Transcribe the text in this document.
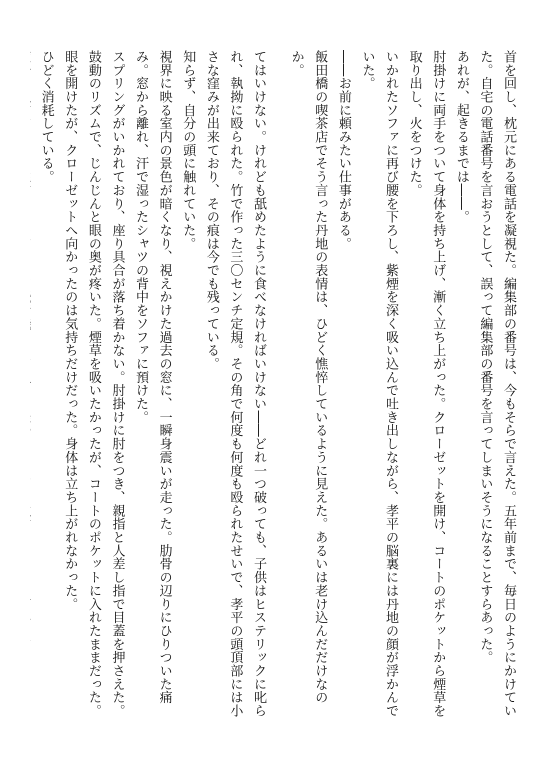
首を回し、枕元にある電話を凝視た。編集部の番号は、今もそらで言えた。五年前まで、毎日のようにかけていた。自宅の電話番号を言おうとして、誤って編集部の番号を言ってしまいそうになることすらあった。
あれが、起きるまでは――。
肘掛けに両手をついて身体を持ち上げ、漸く立ち上がった。クローゼットを開け、コートのポケットから煙草を取り出し、火をつけた。
いかれたソファに再び腰を下ろし、紫煙を深く吸い込んで吐き出しながら、孝平の脳裏には丹地の顔が浮かんでいた。
――お前に頼みたい仕事がある。
飯田橋の喫茶店でそう言った丹地の表情は、ひどく憔悴しているように見えた。あるいは老け込んだだけなのか。
てはいけない。けれども舐めたように食べなければいけない――どれ一つ破っても、子供はヒステリックに叱られ、執拗に殴られた。竹で作った三〇センチ定規。その角で何度も何度も殴られたせいで、孝平の頭頂部には小さな窪みが出来ており、その痕は今でも残っている。
知らず、自分の頭に触れていた。
視界に映る室内の景色が暗くなり、視えかけた過去の窓に、一瞬身震いが走った。肋骨の辺りにひりついた痛み。窓から離れ、汗で湿ったシャツの背中をソファに預けた。
スプリングがいかれており、座り具合が落ち着かない。肘掛けに肘をつき、親指と人差し指で目蓋を押さえた。鼓動のリズムで、じんじんと眼の奥が疼いた。煙草を吸いたかったが、コートのポケットに入れたままだった。眼を開けたが、クローゼットへ向かったのは気持ちだけだった。身体は立ち上がれなかった。
ひどく消耗している。
